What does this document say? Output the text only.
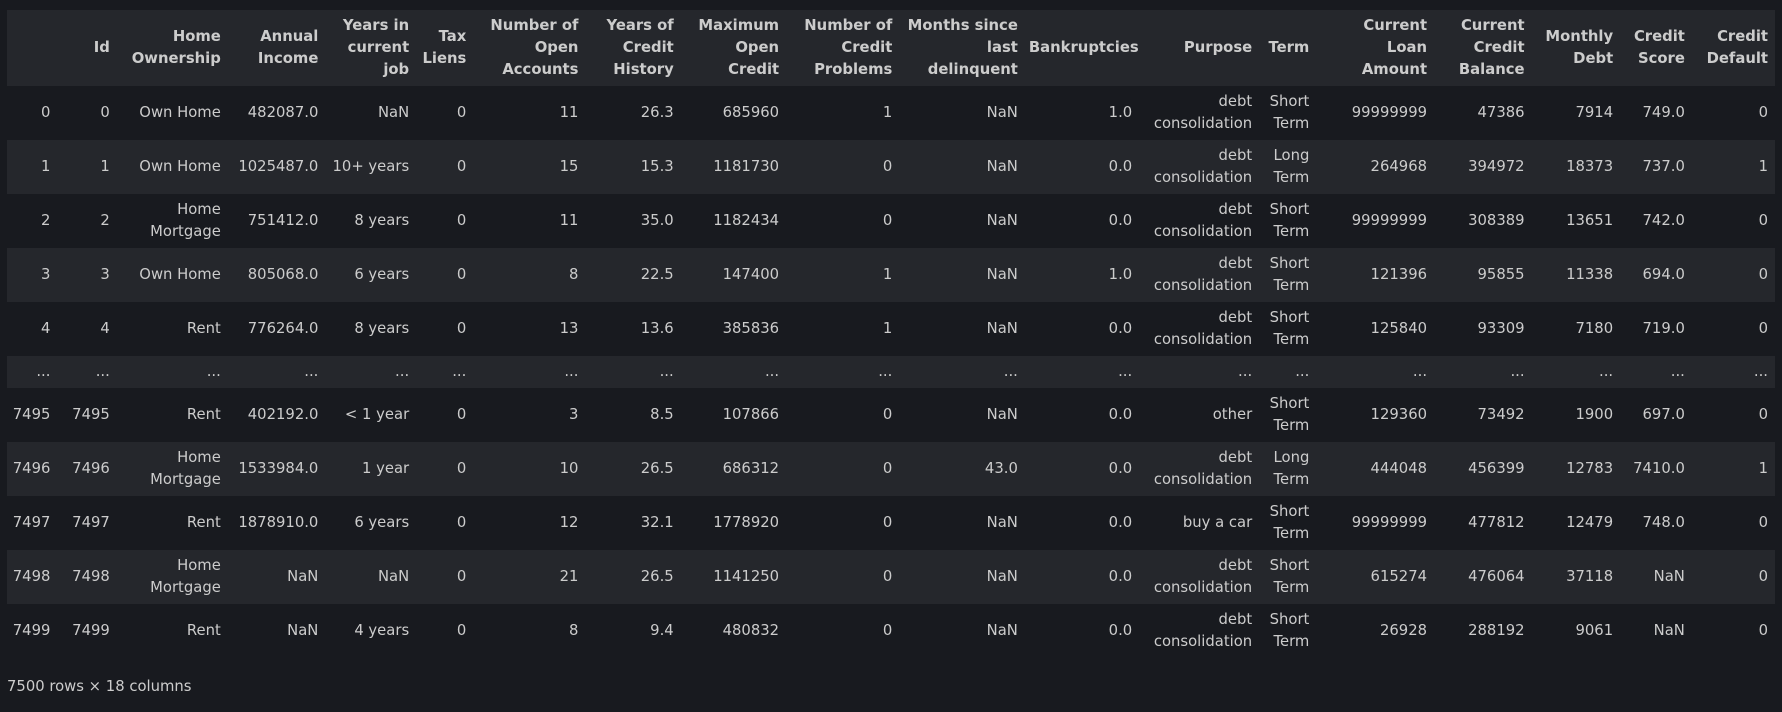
	Id	Home Ownership	Annual Income	Years in current job	Tax Liens	Number of Open Accounts	Years of Credit History	Maximum Open Credit	Number of Credit Problems	Months since last delinquent	Bankruptcies	Purpose	Term	Current Loan Amount	Current Credit Balance	Monthly Debt	Credit Score	Credit Default
0	0	Own Home	482087.0	NaN	0	11	26.3	685960	1	NaN	1.0	debt consolidation	Short Term	99999999	47386	7914	749.0	0
1	1	Own Home	1025487.0	10+ years	0	15	15.3	1181730	0	NaN	0.0	debt consolidation	Long Term	264968	394972	18373	737.0	1
2	2	Home Mortgage	751412.0	8 years	0	11	35.0	1182434	0	NaN	0.0	debt consolidation	Short Term	99999999	308389	13651	742.0	0
3	3	Own Home	805068.0	6 years	0	8	22.5	147400	1	NaN	1.0	debt consolidation	Short Term	121396	95855	11338	694.0	0
4	4	Rent	776264.0	8 years	0	13	13.6	385836	1	NaN	0.0	debt consolidation	Short Term	125840	93309	7180	719.0	0
...	...	...	...	...	...	...	...	...	...	...	...	...	...	...	...	...	...	...
7495	7495	Rent	402192.0	< 1 year	0	3	8.5	107866	0	NaN	0.0	other	Short Term	129360	73492	1900	697.0	0
7496	7496	Home Mortgage	1533984.0	1 year	0	10	26.5	686312	0	43.0	0.0	debt consolidation	Long Term	444048	456399	12783	7410.0	1
7497	7497	Rent	1878910.0	6 years	0	12	32.1	1778920	0	NaN	0.0	buy a car	Short Term	99999999	477812	12479	748.0	0
7498	7498	Home Mortgage	NaN	NaN	0	21	26.5	1141250	0	NaN	0.0	debt consolidation	Short Term	615274	476064	37118	NaN	0
7499	7499	Rent	NaN	4 years	0	8	9.4	480832	0	NaN	0.0	debt consolidation	Short Term	26928	288192	9061	NaN	0
7500 rows × 18 columns
